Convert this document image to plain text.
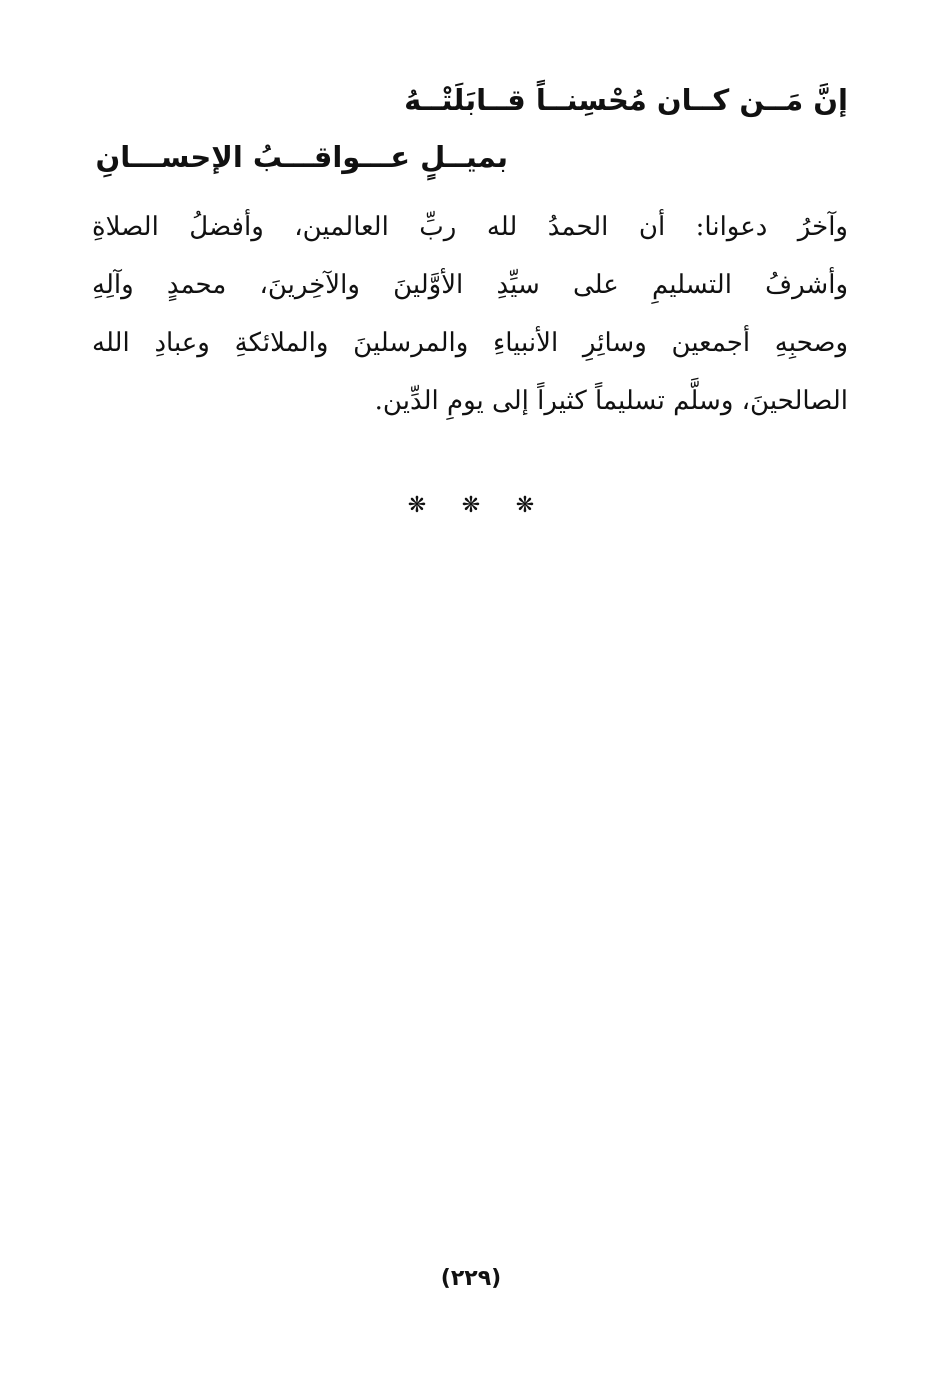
إنَّ مَــن كــان مُحْسِنــاً قــابَلَتْــهُ
بميــلٍ عـــواقـــبُ الإحســـانِ
وآخرُ دعوانا: أن الحمدُ لله ربِّ العالمين، وأفضلُ الصلاةِ
وأشرفُ التسليمِ على سيِّدِ الأوَّلينَ والآخِرينَ، محمدٍ وآلِهِ
وصحبِهِ أجمعين وسائِرِ الأنبياءِ والمرسلينَ والملائكةِ وعبادِ الله
الصالحينَ، وسلَّم تسليماً كثيراً إلى يومِ الدِّين.
❋ ❋ ❋
(٢٢٩)
